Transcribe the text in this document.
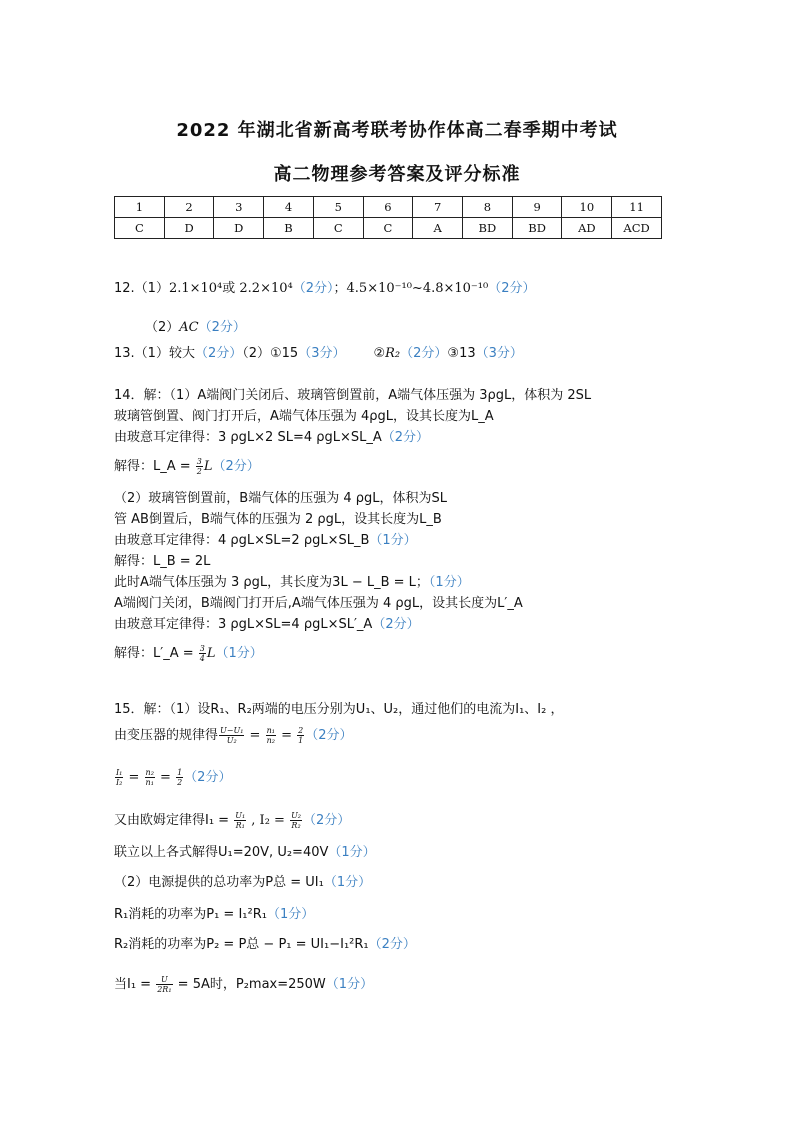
2022 年湖北省新高考联考协作体高二春季期中考试
高二物理参考答案及评分标准
1	2	3	4	5	6	7	8	9	10	11
C	D	D	B	C	C	A	BD	BD	AD	ACD
12.（1）2.1×10⁴或 2.2×10⁴（2分）；4.5×10⁻¹⁰~4.8×10⁻¹⁰（2分）
（2）AC（2分）
13.（1）较大（2分）（2）①15（3分） ②R₂（2分）③13（3分）
14．解：（1）A端阀门关闭后、玻璃管倒置前，A端气体压强为 3ρgL，体积为 2SL
玻璃管倒置、阀门打开后，A端气体压强为 4ρgL，设其长度为L_A
由玻意耳定律得：3 ρgL×2 SL=4 ρgL×SL_A（2分）
解得：L_A = $\frac{3}{2} L(2$分）
（2）玻璃管倒置前，B端气体的压强为 4 ρgL，体积为SL
管 AB倒置后，B端气体的压强为 2 ρgL，设其长度为L_B
由玻意耳定律得：4 ρgL×SL=2 ρgL×SL_B（1分）
解得：L_B = 2L
此时A端气体压强为 3 ρgL，其长度为3L − L_B = L；（1分）
A端阀门关闭，B端阀门打开后,A端气体压强为 4 ρgL，设其长度为L′_A
由玻意耳定律得：3 ρgL×SL=4 ρgL×SL′_A（2分）
解得：L′_A = $\frac{3}{4} L(1$分）
15．解：（1）设R₁、R₂两端的电压分别为U₁、U₂，通过他们的电流为I₁、I₂ ，
由变压器的规律得 $\frac{\text{U−U₁}}{\text{U₂}} = \frac{\text{n₁}}{\text{n₂}} = \frac{2}{1} (2$分）
$\frac{\text{I₁}}{\text{I₂}} = \frac{\text{n₂}}{\text{n₁}} = \frac{1}{2} (2$分）
又由欧姆定律得$I_1 = \frac{\text{U₁}}{\text{R₁}}$ , $I_2 = \frac{\text{U₂}}{\text{R₂}} (2$分）
联立以上各式解得U₁=20V, U₂=40V（1分）
（2）电源提供的总功率为P总 = UI₁（1分）
R₁消耗的功率为P₁ = I₁²R₁（1分）
R₂消耗的功率为P₂ = P总 − P₁ = UI₁−I₁²R₁（2分）
当$I_1 = \frac{U}{\text{2R₁}} = 5A$时，P₂max=250W（1分）
